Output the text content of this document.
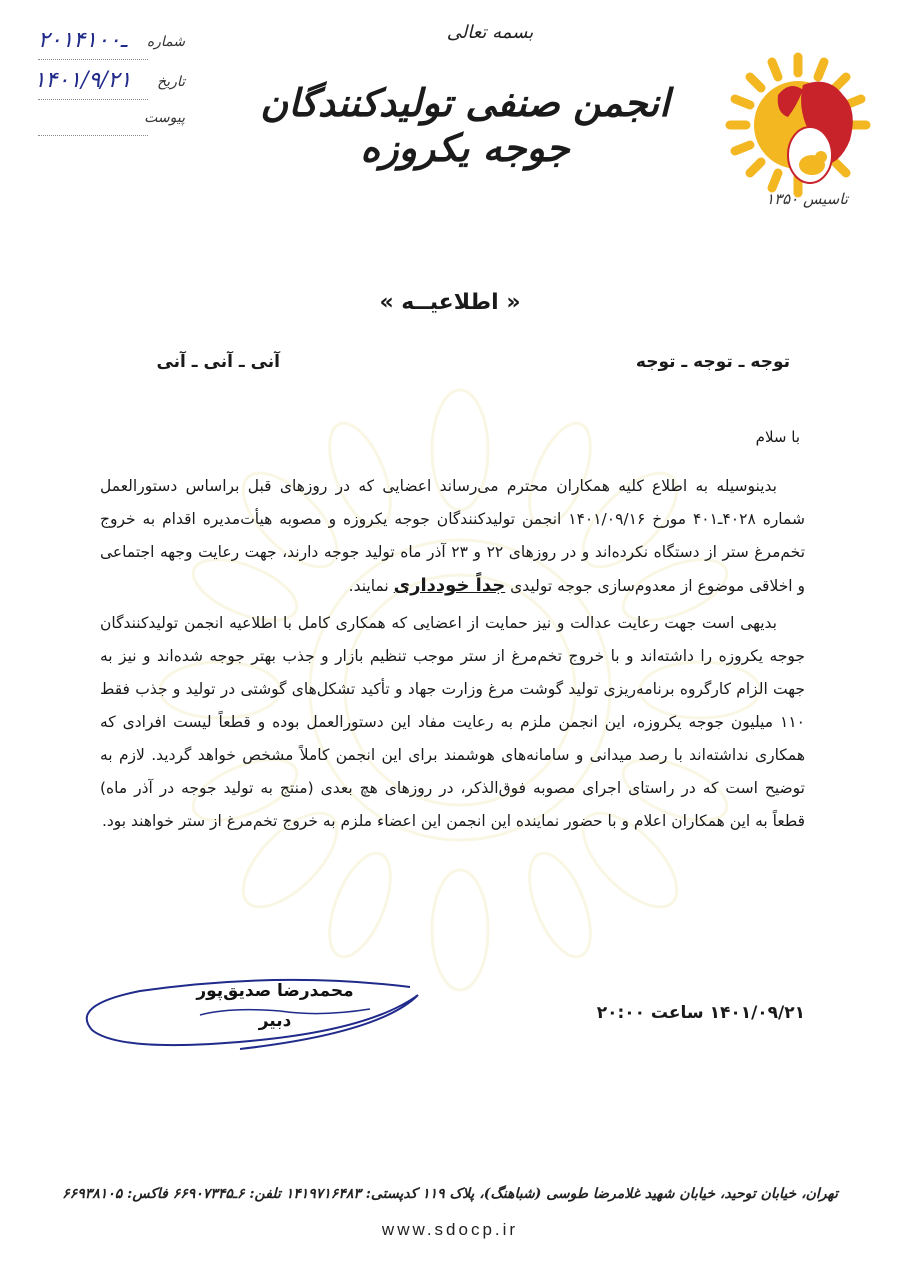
۲۰۱ـ۴۱۰۰	شماره
۱۴۰۱/۹/۲۱	تاریخ
پیوست
بسمه تعالی
انجمن صنفی تولیدکنندگان جوجه یکروزه
تاسیس ۱۳۵۰
« اطلاعیــه »
توجه ـ توجه ـ توجه
آنی ـ آنی ـ آنی
با سلام

بدینوسیله به اطلاع کلیه همکاران محترم می‌رساند اعضایی که در روزهای قبل براساس دستورالعمل شماره ۴۰۲۸ـ۴۰۱ مورخ ۱۴۰۱/۰۹/۱۶ انجمن تولیدکنندگان جوجه یکروزه و مصوبه هیأت‌مدیره اقدام به خروج تخم‌مرغ ستر از دستگاه نکرده‌اند و در روزهای ۲۲ و ۲۳ آذر ماه تولید جوجه دارند، جهت رعایت وجهه اجتماعی و اخلاقی موضوع از معدوم‌سازی جوجه تولیدی جداً خودداری نمایند.

بدیهی است جهت رعایت عدالت و نیز حمایت از اعضایی که همکاری کامل با اطلاعیه انجمن تولیدکنندگان جوجه یکروزه را داشته‌اند و با خروج تخم‌مرغ از ستر موجب تنظیم بازار و جذب بهتر جوجه شده‌اند و نیز به جهت الزام کارگروه برنامه‌ریزی تولید گوشت مرغ وزارت جهاد و تأکید تشکل‌های گوشتی در تولید و جذب فقط ۱۱۰ میلیون جوجه یکروزه، این انجمن ملزم به رعایت مفاد این دستورالعمل بوده و قطعاً لیست افرادی که همکاری نداشته‌اند با رصد میدانی و سامانه‌های هوشمند برای این انجمن کاملاً مشخص خواهد گردید. لازم به توضیح است که در راستای اجرای مصوبه فوق‌الذکر، در روزهای هچ بعدی (منتج به تولید جوجه در آذر ماه) قطعاً به این همکاران اعلام و با حضور نماینده این انجمن این اعضاء ملزم به خروج تخم‌مرغ از ستر خواهند بود.

۱۴۰۱/۰۹/۲۱ ساعت ۲۰:۰۰
محمدرضا صدیق‌پور
دبیر
تهران، خیابان توحید، خیابان شهید غلامرضا طوسی (شباهنگ)، پلاک ۱۱۹ کدپستی: ۱۴۱۹۷۱۶۴۸۳ تلفن: ۶ـ۶۶۹۰۷۳۴۵ فاکس: ۶۶۹۳۸۱۰۵
www.sdocp.ir
